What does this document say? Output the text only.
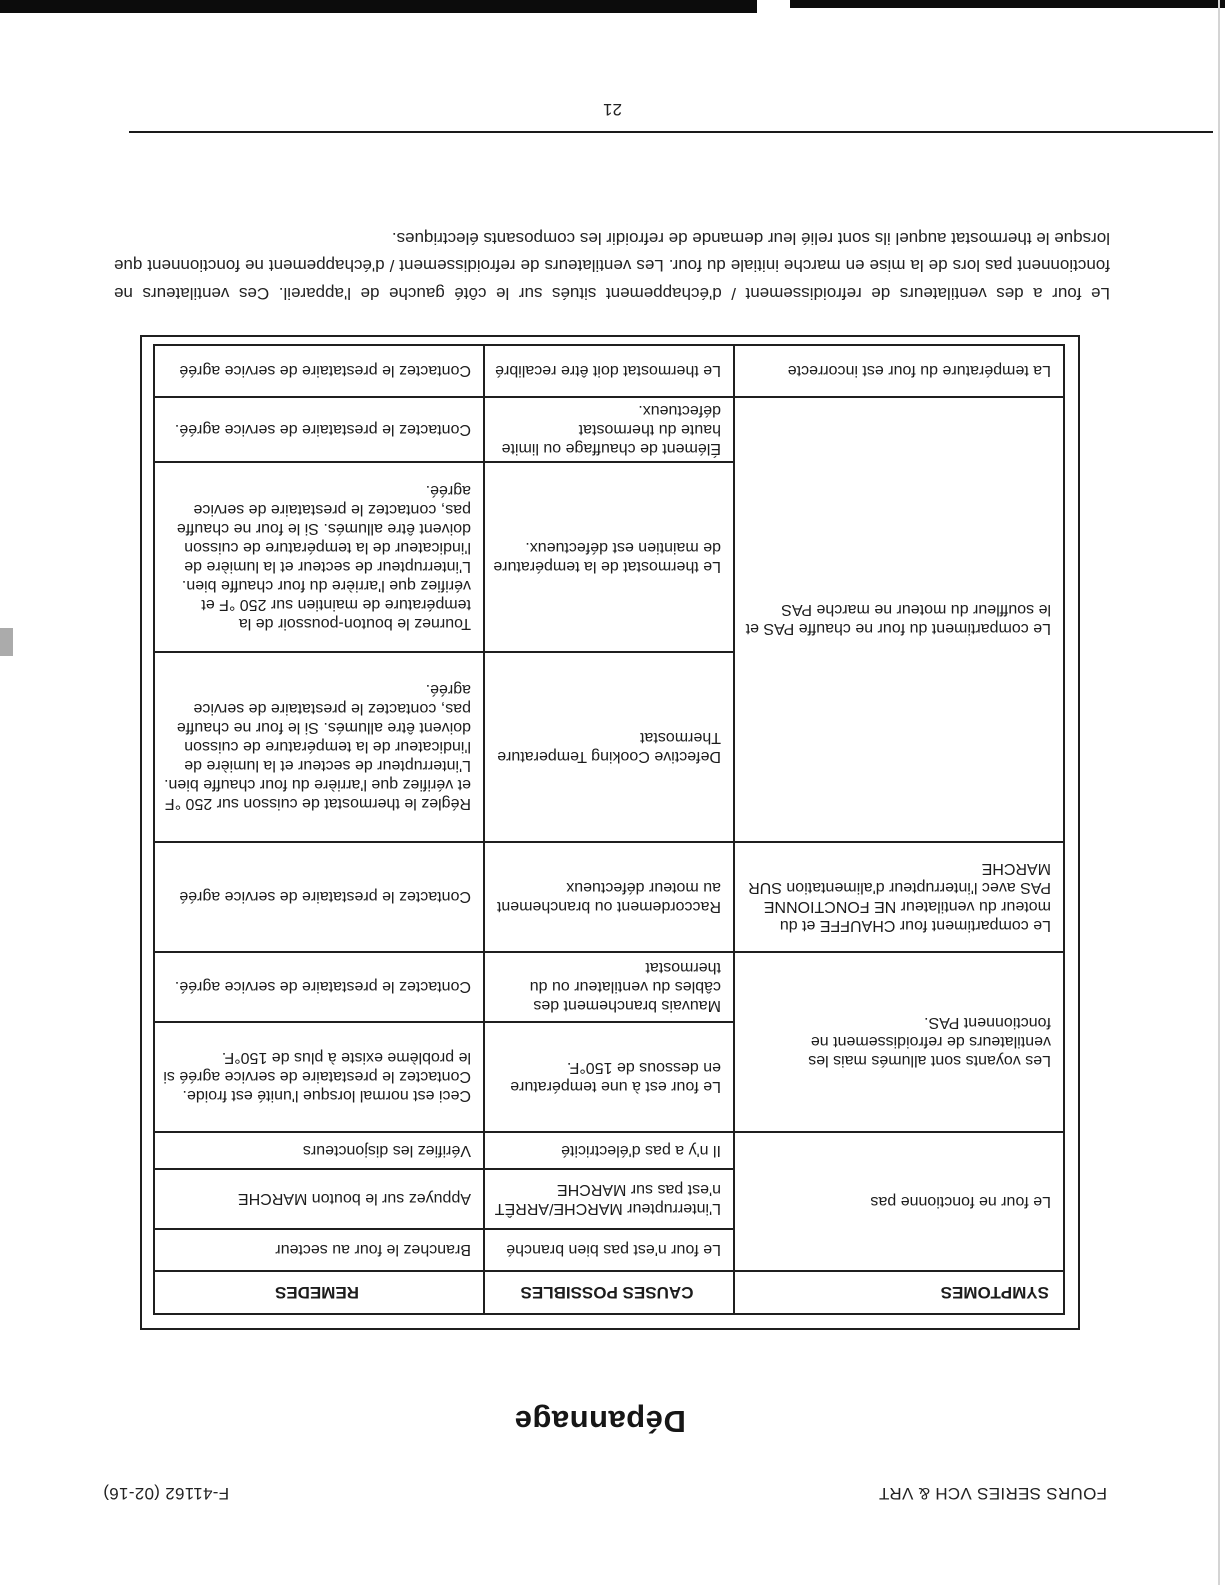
FOURS SERIES VCH & VRT
F-41162 (02-16)
Dépannage
SYMPTOMES	CAUSES POSSIBLES	REMEDES
Le four ne fonctionne pas	Le four n'est pas bien branché	Branchez le four au secteur
	L'interrupteur MARCHE/ARRÊT n'est pas sur MARCHE	Appuyez sur le bouton MARCHE
	Il n'y a pas d'électricité	Vérifiez les disjoncteurs
Les voyants sont allumés mais les ventilateurs de refroidissement ne fonctionnent PAS.	Le four est à une température en dessous de 150°F.	Ceci est normal lorsque l'unité est froide. Contactez le prestataire de service agréé si le problème existe à plus de 150°F.
	Mauvais branchement des câbles du ventilateur ou du thermostat	Contactez le prestataire de service agréé.
Le compartiment four CHAUFFE et du moteur du ventilateur NE FONCTIONNE PAS avec l'interrupteur d'alimentation SUR MARCHE	Raccordement ou branchement au moteur défectueux	Contactez le prestataire de service agréé
Le compartiment du four ne chauffe PAS et le souffleur du moteur ne marche PAS	Defective Cooking Temperature Thermostat	Réglez le thermostat de cuisson sur 250 °F et vérifiez que l'arrière du four chauffe bien. L'interrupteur de secteur et la lumière de l'indicateur de la température de cuisson doivent être allumés. Si le four ne chauffe pas, contactez le prestataire de service agréé.
	Le thermostat de la température de maintien est défectueux.	Tournez le bouton-poussoir de la température de maintien sur 250 °F et vérifiez que l'arrière du four chauffe bien. L'interrupteur de secteur et la lumière de l'indicateur de la température de cuisson doivent être allumés. Si le four ne chauffe pas, contactez le prestataire de service agréé.
	Élément de chauffage ou limite haute du thermostat défectueux.	Contactez le prestataire de service agréé.
La température du four est incorrecte	Le thermostat doit être recalibré	Contactez le prestataire de service agréé

Le four a des ventilateurs de refroidissement / d'échappement situés sur le côté gauche de l'appareil. Ces ventilateurs ne fonctionnent pas lors de la mise en marche initiale du four. Les ventilateurs de refroidissement / d'échappement ne fonctionnent que lorsque le thermostat auquel ils sont relié leur demande de refroidir les composants électriques.

21
